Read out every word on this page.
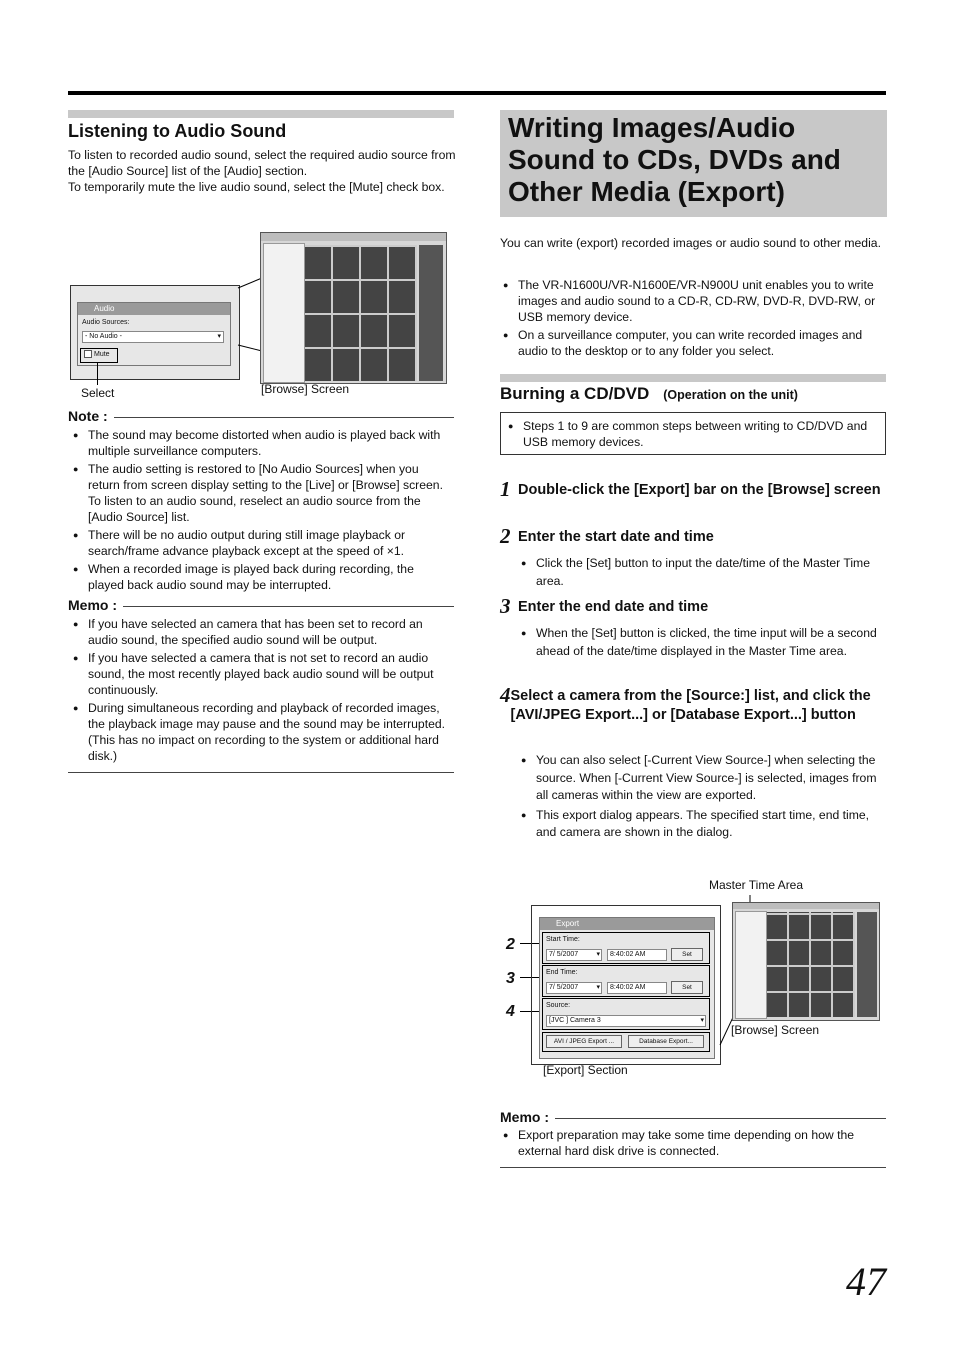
Listening to Audio Sound
To listen to recorded audio sound, select the required audio source from the [Audio Source] list of the [Audio] section.
To temporarily mute the live audio sound, select the [Mute] check box.
Audio
Audio Sources:
- No Audio -	▾
Mute
Select	[Browse] Screen
Note :
● The sound may become distorted when audio is played back with multiple surveillance computers.
● The audio setting is restored to [No Audio Sources] when you return from screen display setting to the [Live] or [Browse] screen. To listen to an audio sound, reselect an audio source from the [Audio Source] list.
● There will be no audio output during still image playback or search/frame advance playback except at the speed of ×1.
● When a recorded image is played back during recording, the played back audio sound may be interrupted.
Memo :
● If you have selected an camera that has been set to record an audio sound, the specified audio sound will be output.
● If you have selected a camera that is not set to record an audio sound, the most recently played back audio sound will be output continuously.
● During simultaneous recording and playback of recorded images, the playback image may pause and the sound may be interrupted. (This has no impact on recording to the system or additional hard disk.)
Writing Images/Audio Sound to CDs, DVDs and Other Media (Export)
You can write (export) recorded images or audio sound to other media.
● The VR-N1600U/VR-N1600E/VR-N900U unit enables you to write images and audio sound to a CD-R, CD-RW, DVD-R, DVD-RW, or USB memory device.
● On a surveillance computer, you can write recorded images and audio to the desktop or to any folder you select.
Burning a CD/DVD (Operation on the unit)
● Steps 1 to 9 are common steps between writing to CD/DVD and USB memory devices.
1 Double-click the [Export] bar on the [Browse] screen
2 Enter the start date and time
● Click the [Set] button to input the date/time of the Master Time area.
3 Enter the end date and time
● When the [Set] button is clicked, the time input will be a second ahead of the date/time displayed in the Master Time area.
4 Select a camera from the [Source:] list, and click the [AVI/JPEG Export...] or [Database Export...] button
● You can also select [-Current View Source-] when selecting the source. When [-Current View Source-] is selected, images from all cameras within the view are exported.
● This export dialog appears. The specified start time, end time, and camera are shown in the dialog.
Master Time Area
2
3
4
Export
Start Time:
7/ 5/2007	▾	8:40:02 AM	Set
End Time:
7/ 5/2007	▾	8:40:02 AM	Set
Source:
[JVC ] Camera 3	▾
AVI / JPEG Export ...	Database Export...
[Browse] Screen
[Export] Section
Memo :
● Export preparation may take some time depending on how the external hard disk drive is connected.
47
